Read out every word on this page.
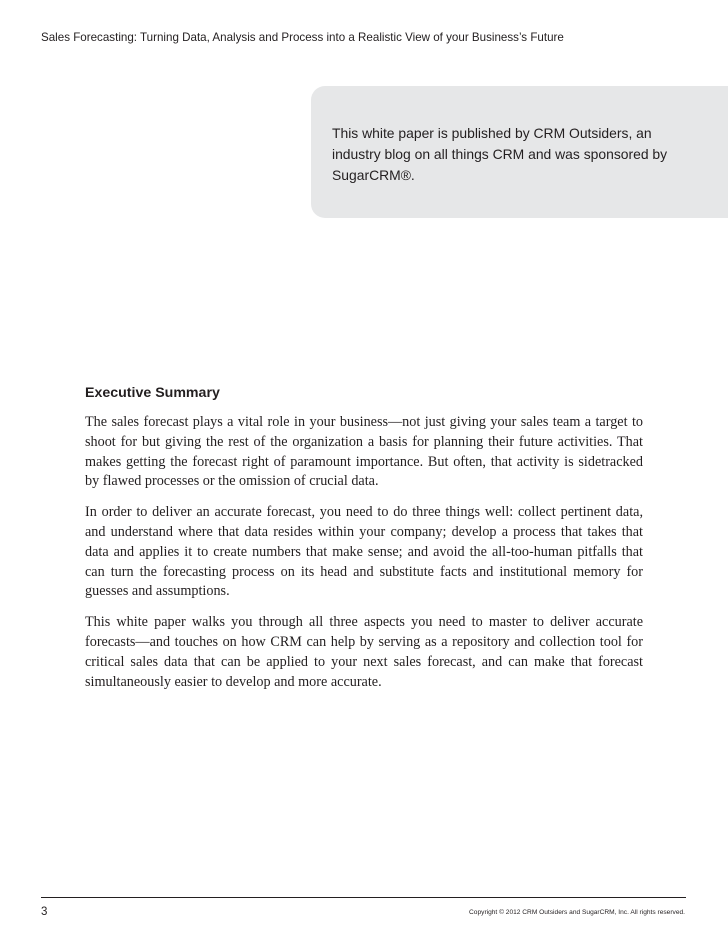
Sales Forecasting: Turning Data, Analysis and Process into a Realistic View of your Business’s Future
This white paper is published by CRM Outsiders, an industry blog on all things CRM and was sponsored by SugarCRM®.
Executive Summary

The sales forecast plays a vital role in your business—not just giving your sales team a target to shoot for but giving the rest of the organization a basis for planning their future activities. That makes getting the forecast right of paramount importance. But often, that activity is sidetracked by flawed processes or the omission of crucial data.

In order to deliver an accurate forecast, you need to do three things well: collect pertinent data, and understand where that data resides within your company; develop a process that takes that data and applies it to create numbers that make sense; and avoid the all-too-human pitfalls that can turn the forecasting process on its head and substitute facts and institutional memory for guesses and assumptions.

This white paper walks you through all three aspects you need to master to deliver accurate forecasts—and touches on how CRM can help by serving as a repository and collection tool for critical sales data that can be applied to your next sales forecast, and can make that forecast simultaneously easier to develop and more accurate.

3	Copyright © 2012 CRM Outsiders and SugarCRM, Inc. All rights reserved.
